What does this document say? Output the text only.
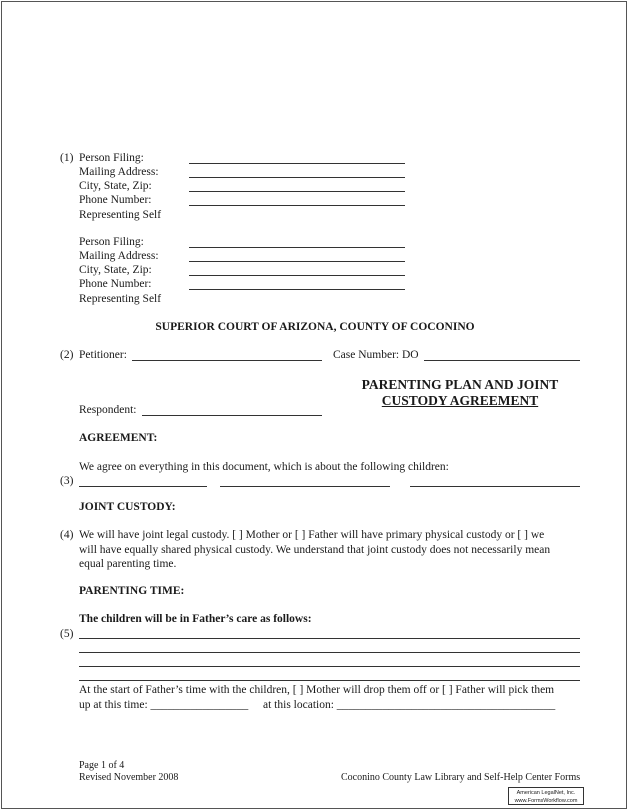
(1) Person Filing:
Mailing Address:
City, State, Zip:
Phone Number:
Representing Self
Person Filing:
Mailing Address:
City, State, Zip:
Phone Number:
Representing Self
SUPERIOR COURT OF ARIZONA, COUNTY OF COCONINO
(2) Petitioner:	Case Number: DO
PARENTING PLAN AND JOINT
CUSTODY AGREEMENT
Respondent:
AGREEMENT:
We agree on everything in this document, which is about the following children:
(3)
JOINT CUSTODY:
(4) We will have joint legal custody. [ ] Mother or [ ] Father will have primary physical custody or [ ] we
will have equally shared physical custody. We understand that joint custody does not necessarily mean
equal parenting time.
PARENTING TIME:
The children will be in Father’s care as follows:
(5)
At the start of Father’s time with the children, [ ] Mother will drop them off or [ ] Father will pick them
up at this time: _________________ at this location: ______________________________________
Page 1 of 4
Revised November 2008	Coconino County Law Library and Self-Help Center Forms
American LegalNet, Inc.
www.FormsWorkflow.com
